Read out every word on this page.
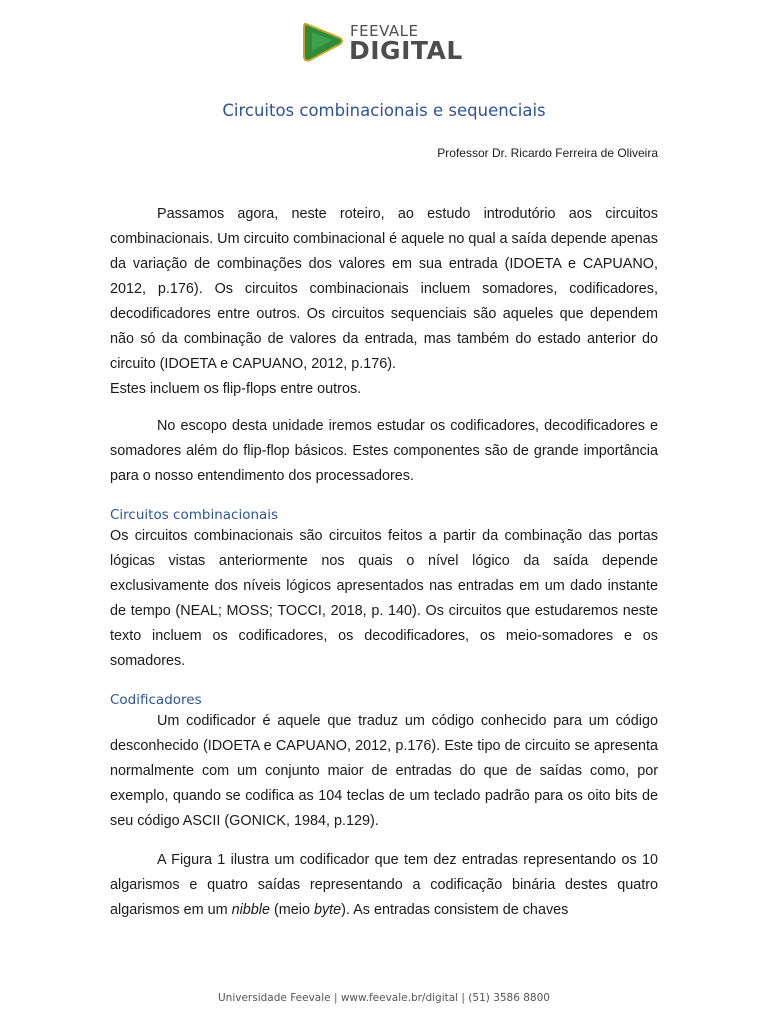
FEEVALE
DIGITAL
Circuitos combinacionais e sequenciais

Professor Dr. Ricardo Ferreira de Oliveira

Passamos agora, neste roteiro, ao estudo introdutório aos circuitos combinacionais. Um circuito combinacional é aquele no qual a saída depende apenas da variação de combinações dos valores em sua entrada (IDOETA e CAPUANO, 2012, p.176). Os circuitos combinacionais incluem somadores, codificadores, decodificadores entre outros. Os circuitos sequenciais são aqueles que dependem não só da combinação de valores da entrada, mas também do estado anterior do circuito (IDOETA e CAPUANO, 2012, p.176).
Estes incluem os flip-flops entre outros.

No escopo desta unidade iremos estudar os codificadores, decodificadores e somadores além do flip-flop básicos. Estes componentes são de grande importância para o nosso entendimento dos processadores.

Circuitos combinacionais

Os circuitos combinacionais são circuitos feitos a partir da combinação das portas lógicas vistas anteriormente nos quais o nível lógico da saída depende exclusivamente dos níveis lógicos apresentados nas entradas em um dado instante de tempo (NEAL; MOSS; TOCCI, 2018, p. 140). Os circuitos que estudaremos neste texto incluem os codificadores, os decodificadores, os meio-somadores e os somadores.

Codificadores

Um codificador é aquele que traduz um código conhecido para um código desconhecido (IDOETA e CAPUANO, 2012, p.176). Este tipo de circuito se apresenta normalmente com um conjunto maior de entradas do que de saídas como, por exemplo, quando se codifica as 104 teclas de um teclado padrão para os oito bits de seu código ASCII (GONICK, 1984, p.129).

A Figura 1 ilustra um codificador que tem dez entradas representando os 10 algarismos e quatro saídas representando a codificação binária destes quatro algarismos em um nibble (meio byte). As entradas consistem de chaves

Universidade Feevale | www.feevale.br/digital | (51) 3586 8800
